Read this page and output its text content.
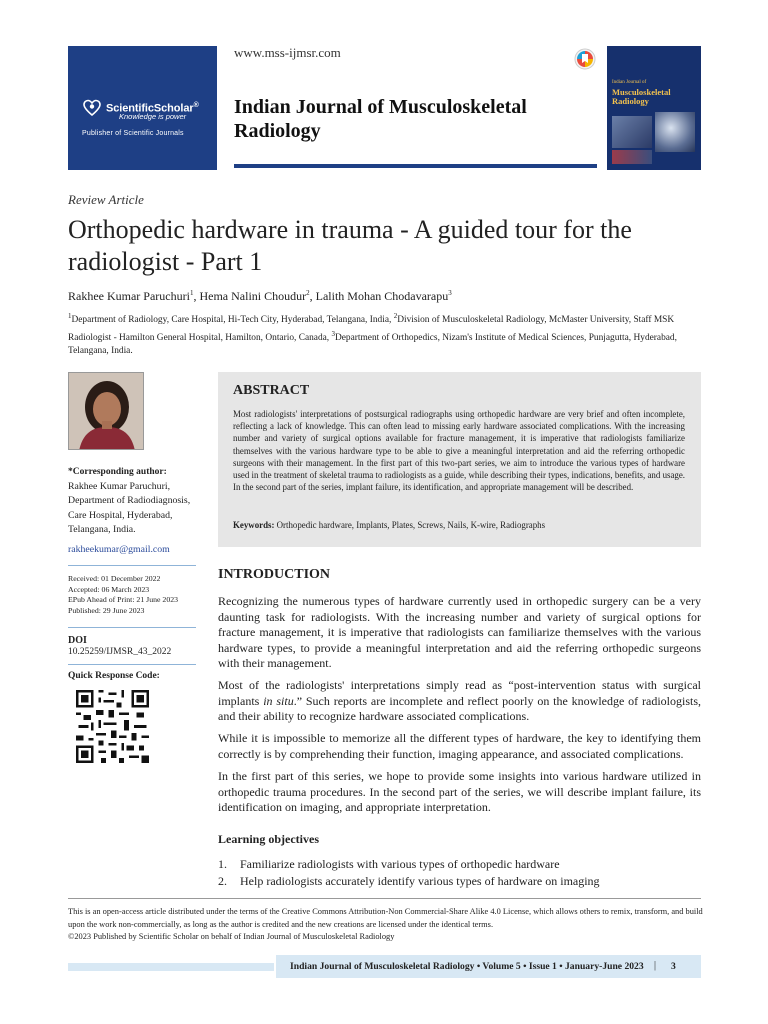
ScientificScholar®
Knowledge is power
Publisher of Scientific Journals
www.mss-ijmsr.com
Indian Journal of Musculoskeletal Radiology
Indian Journal of
Musculoskeletal Radiology
Review Article
Orthopedic hardware in trauma - A guided tour for the radiologist - Part 1
Rakhee Kumar Paruchuri$^1$, Hema Nalini Choudur$^2$, Lalith Mohan Chodavarapu$^3$
$^1$Department of Radiology, Care Hospital, Hi-Tech City, Hyderabad, Telangana, India, $^2$Division of Musculoskeletal Radiology, McMaster University, Staff MSK Radiologist - Hamilton General Hospital, Hamilton, Ontario, Canada, $^3$Department of Orthopedics, Nizam's Institute of Medical Sciences, Punjagutta, Hyderabad, Telangana, India.
*Corresponding author:
Rakhee Kumar Paruchuri,
Department of Radiodiagnosis,
Care Hospital, Hyderabad,
Telangana, India.
rakheekumar@gmail.com
Received: 01 December 2022
Accepted: 06 March 2023
EPub Ahead of Print: 21 June 2023
Published: 29 June 2023
DOI
10.25259/IJMSR_43_2022
Quick Response Code:
ABSTRACT

Most radiologists' interpretations of postsurgical radiographs using orthopedic hardware are very brief and often incomplete, reflecting a lack of knowledge. This can often lead to missing early hardware associated complications. With the increasing number and variety of surgical options available for fracture management, it is imperative that radiologists familiarize themselves with the various hardware type to be able to give a meaningful interpretation and aid the referring orthopedic surgeons with their management. In the first part of this two-part series, we aim to introduce the various types of hardware used in the treatment of skeletal trauma to radiologists as a guide, while describing their types, indications, benefits, and usage. In the second part of the series, implant failure, its identification, and appropriate management will be described.

Keywords: Orthopedic hardware, Implants, Plates, Screws, Nails, K-wire, Radiographs
INTRODUCTION

Recognizing the numerous types of hardware currently used in orthopedic surgery can be a very daunting task for radiologists. With the increasing number and variety of surgical options for fracture management, it is imperative that radiologists can familiarize themselves with the various hardware types, to provide a meaningful interpretation and aid the referring orthopedic surgeons with their management.

Most of the radiologists' interpretations simply read as “post-intervention status with surgical implants in situ.” Such reports are incomplete and reflect poorly on the knowledge of radiologists, and their ability to recognize hardware associated complications.

While it is impossible to memorize all the different types of hardware, the key to identifying them correctly is by comprehending their function, imaging appearance, and associated complications.

In the first part of this series, we hope to provide some insights into various hardware utilized in orthopedic trauma procedures. In the second part of the series, we will describe implant failure, its identification on imaging, and appropriate interpretation.

Learning objectives
1.	Familiarize radiologists with various types of orthopedic hardware
2.	Help radiologists accurately identify various types of hardware on imaging
This is an open-access article distributed under the terms of the Creative Commons Attribution-Non Commercial-Share Alike 4.0 License, which allows others to remix, transform, and build upon the work non-commercially, as long as the author is credited and the new creations are licensed under the identical terms.
©2023 Published by Scientific Scholar on behalf of Indian Journal of Musculoskeletal Radiology
Indian Journal of Musculoskeletal Radiology • Volume 5 • Issue 1 • January-June 2023 | 3
